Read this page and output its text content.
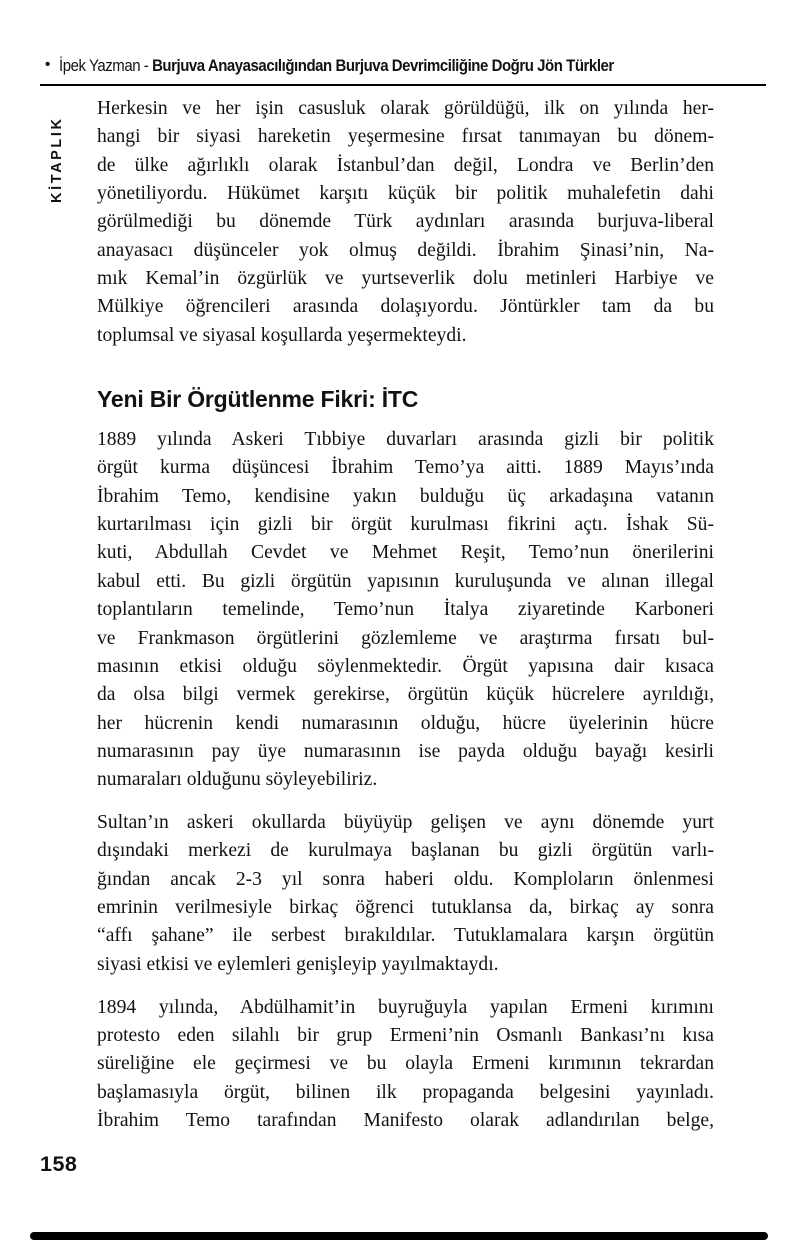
• İpek Yazman - Burjuva Anayasacılığından Burjuva Devrimciliğine Doğru Jön Türkler
KİTAPLIK
Herkesin ve her işin casusluk olarak görüldüğü, ilk on yılında her-
hangi bir siyasi hareketin yeşermesine fırsat tanımayan bu dönem-
de ülke ağırlıklı olarak İstanbul’dan değil, Londra ve Berlin’den
yönetiliyordu. Hükümet karşıtı küçük bir politik muhalefetin dahi
görülmediği bu dönemde Türk aydınları arasında burjuva-liberal
anayasacı düşünceler yok olmuş değildi. İbrahim Şinasi’nin, Na-
mık Kemal’in özgürlük ve yurtseverlik dolu metinleri Harbiye ve
Mülkiye öğrencileri arasında dolaşıyordu. Jöntürkler tam da bu
toplumsal ve siyasal koşullarda yeşermekteydi.
Yeni Bir Örgütlenme Fikri: İTC
1889 yılında Askeri Tıbbiye duvarları arasında gizli bir politik
örgüt kurma düşüncesi İbrahim Temo’ya aitti. 1889 Mayıs’ında
İbrahim Temo, kendisine yakın bulduğu üç arkadaşına vatanın
kurtarılması için gizli bir örgüt kurulması fikrini açtı. İshak Sü-
kuti, Abdullah Cevdet ve Mehmet Reşit, Temo’nun önerilerini
kabul etti. Bu gizli örgütün yapısının kuruluşunda ve alınan illegal
toplantıların temelinde, Temo’nun İtalya ziyaretinde Karboneri
ve Frankmason örgütlerini gözlemleme ve araştırma fırsatı bul-
masının etkisi olduğu söylenmektedir. Örgüt yapısına dair kısaca
da olsa bilgi vermek gerekirse, örgütün küçük hücrelere ayrıldığı,
her hücrenin kendi numarasının olduğu, hücre üyelerinin hücre
numarasının pay üye numarasının ise payda olduğu bayağı kesirli
numaraları olduğunu söyleyebiliriz.
Sultan’ın askeri okullarda büyüyüp gelişen ve aynı dönemde yurt
dışındaki merkezi de kurulmaya başlanan bu gizli örgütün varlı-
ğından ancak 2-3 yıl sonra haberi oldu. Komploların önlenmesi
emrinin verilmesiyle birkaç öğrenci tutuklansa da, birkaç ay sonra
“affı şahane” ile serbest bırakıldılar. Tutuklamalara karşın örgütün
siyasi etkisi ve eylemleri genişleyip yayılmaktaydı.
1894 yılında, Abdülhamit’in buyruğuyla yapılan Ermeni kırımını
protesto eden silahlı bir grup Ermeni’nin Osmanlı Bankası’nı kısa
süreliğine ele geçirmesi ve bu olayla Ermeni kırımının tekrardan
başlamasıyla örgüt, bilinen ilk propaganda belgesini yayınladı.
İbrahim Temo tarafından Manifesto olarak adlandırılan belge,
158
